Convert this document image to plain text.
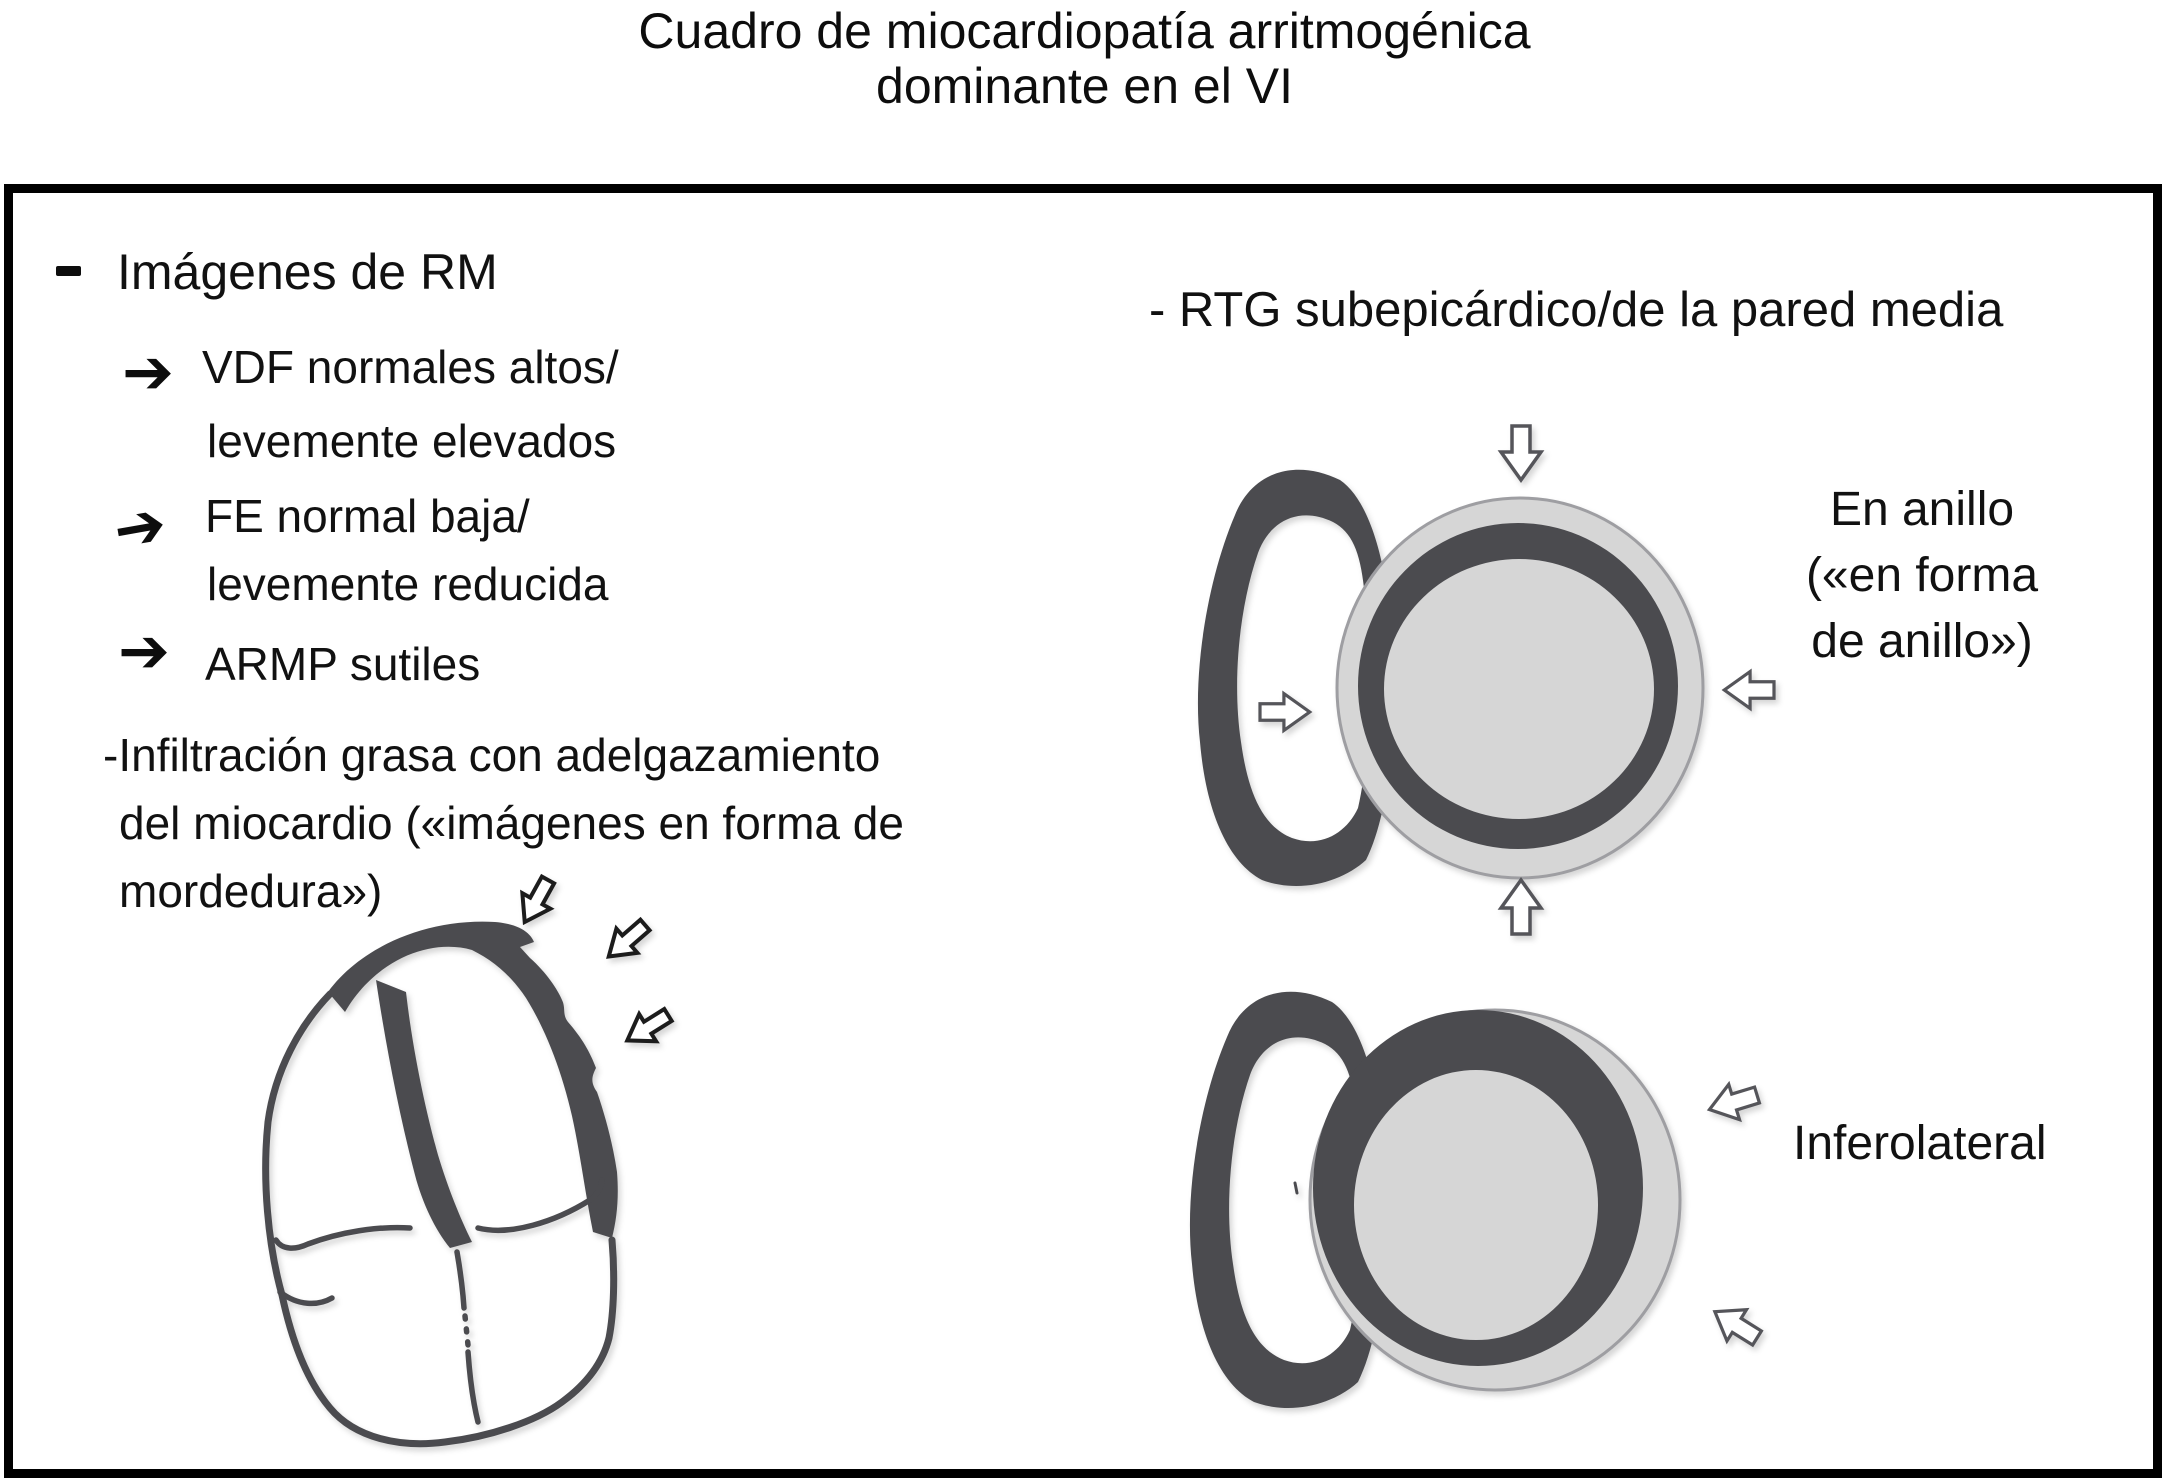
Cuadro de miocardiopatía arritmogénica
dominante en el VI
Imágenes de RM
➔
➔
➔
VDF normales altos/
levemente elevados
FE normal baja/
levemente reducida
ARMP sutiles
-Infiltración grasa con adelgazamiento
del miocardio («imágenes en forma de
mordedura»)
- RTG subepicárdico/de la pared media
En anillo
(«en forma
de anillo»)
Inferolateral
